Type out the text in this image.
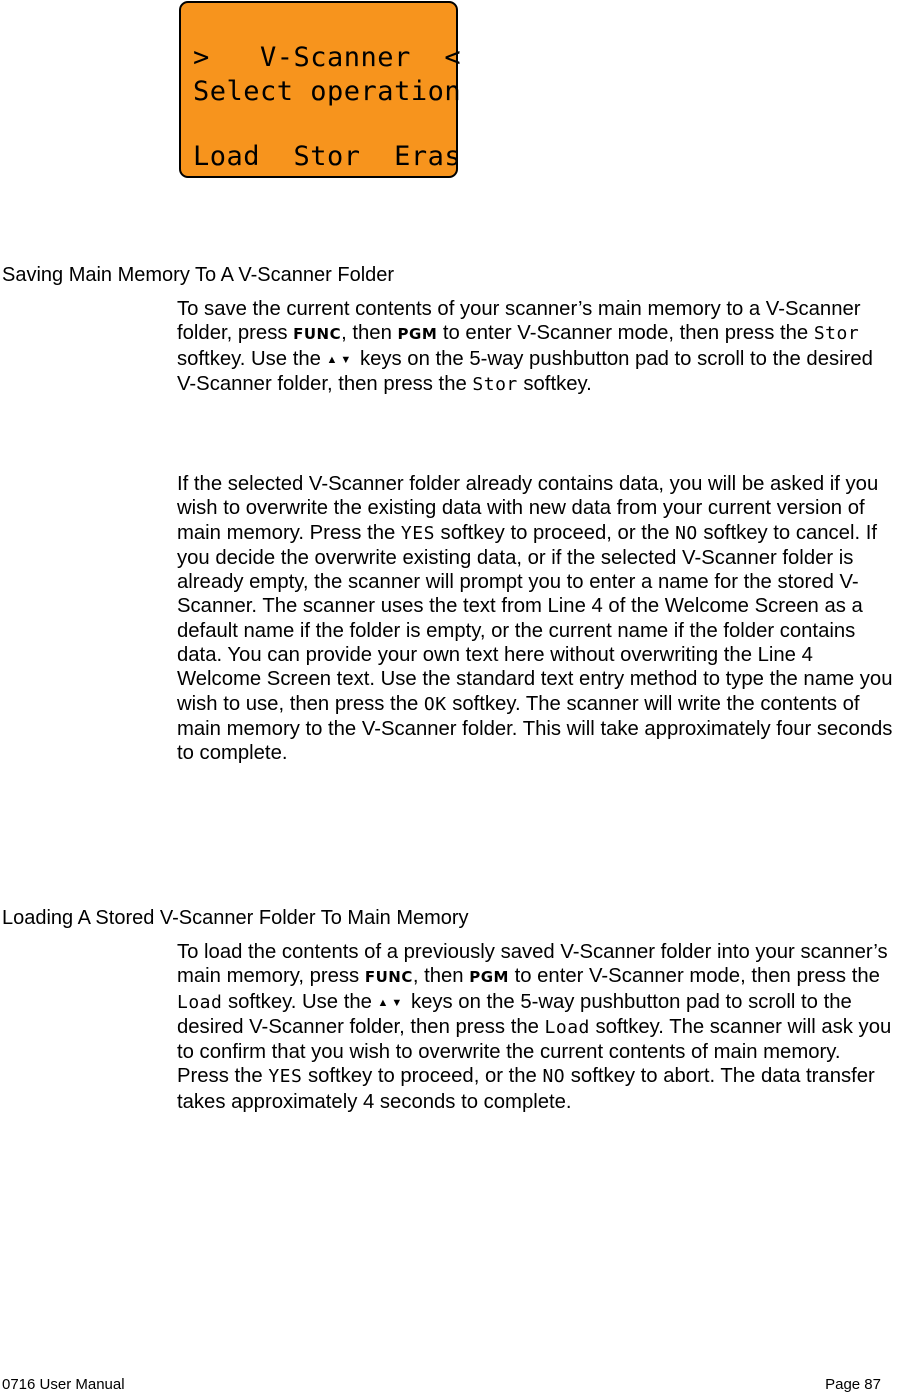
>   V-Scanner  <
Select operation
Load  Stor  Eras
Saving Main Memory To A V-Scanner Folder

To save the current contents of your scanner’s main memory to a V-Scanner folder, press FUNC, then PGM to enter V-Scanner mode, then press the Stor softkey. Use the ▲▼ keys on the 5-way pushbutton pad to scroll to the desired V-Scanner folder, then press the Stor softkey.

If the selected V-Scanner folder already contains data, you will be asked if you wish to overwrite the existing data with new data from your current version of main memory. Press the YES softkey to proceed, or the NO softkey to cancel. If you decide the overwrite existing data, or if the selected V-Scanner folder is already empty, the scanner will prompt you to enter a name for the stored V-Scanner. The scanner uses the text from Line 4 of the Welcome Screen as a default name if the folder is empty, or the current name if the folder contains data. You can provide your own text here without overwriting the Line 4 Welcome Screen text. Use the standard text entry method to type the name you wish to use, then press the OK softkey. The scanner will write the contents of main memory to the V-Scanner folder. This will take approximately four seconds to complete.

Loading A Stored V-Scanner Folder To Main Memory

To load the contents of a previously saved V-Scanner folder into your scanner’s main memory, press FUNC, then PGM to enter V-Scanner mode, then press the Load softkey. Use the ▲▼ keys on the 5-way pushbutton pad to scroll to the desired V-Scanner folder, then press the Load softkey. The scanner will ask you to confirm that you wish to overwrite the current contents of main memory. Press the YES softkey to proceed, or the NO softkey to abort. The data transfer takes approximately 4 seconds to complete.

0716 User Manual	Page 87
